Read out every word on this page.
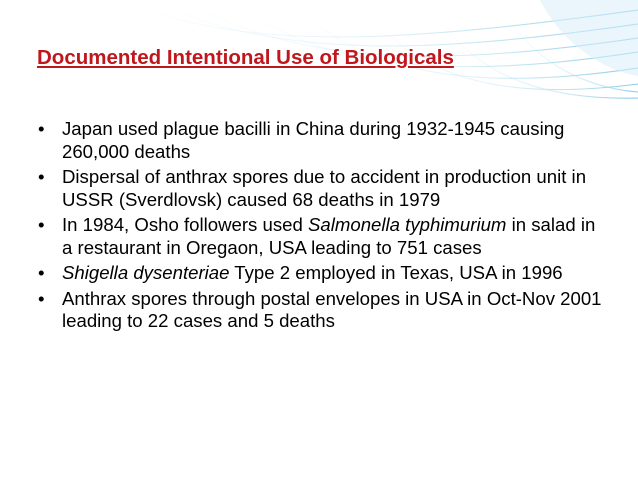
Documented Intentional Use of Biologicals
• Japan used plague bacilli in China during 1932-1945 causing 260,000 deaths
• Dispersal of anthrax spores due to accident in production unit in USSR (Sverdlovsk) caused 68 deaths in 1979
• In 1984, Osho followers used Salmonella typhimurium in salad in a restaurant in Oregaon, USA leading to 751 cases
• Shigella dysenteriae Type 2 employed in Texas, USA in 1996
• Anthrax spores through postal envelopes in USA in Oct-Nov 2001 leading to 22 cases and 5 deaths
